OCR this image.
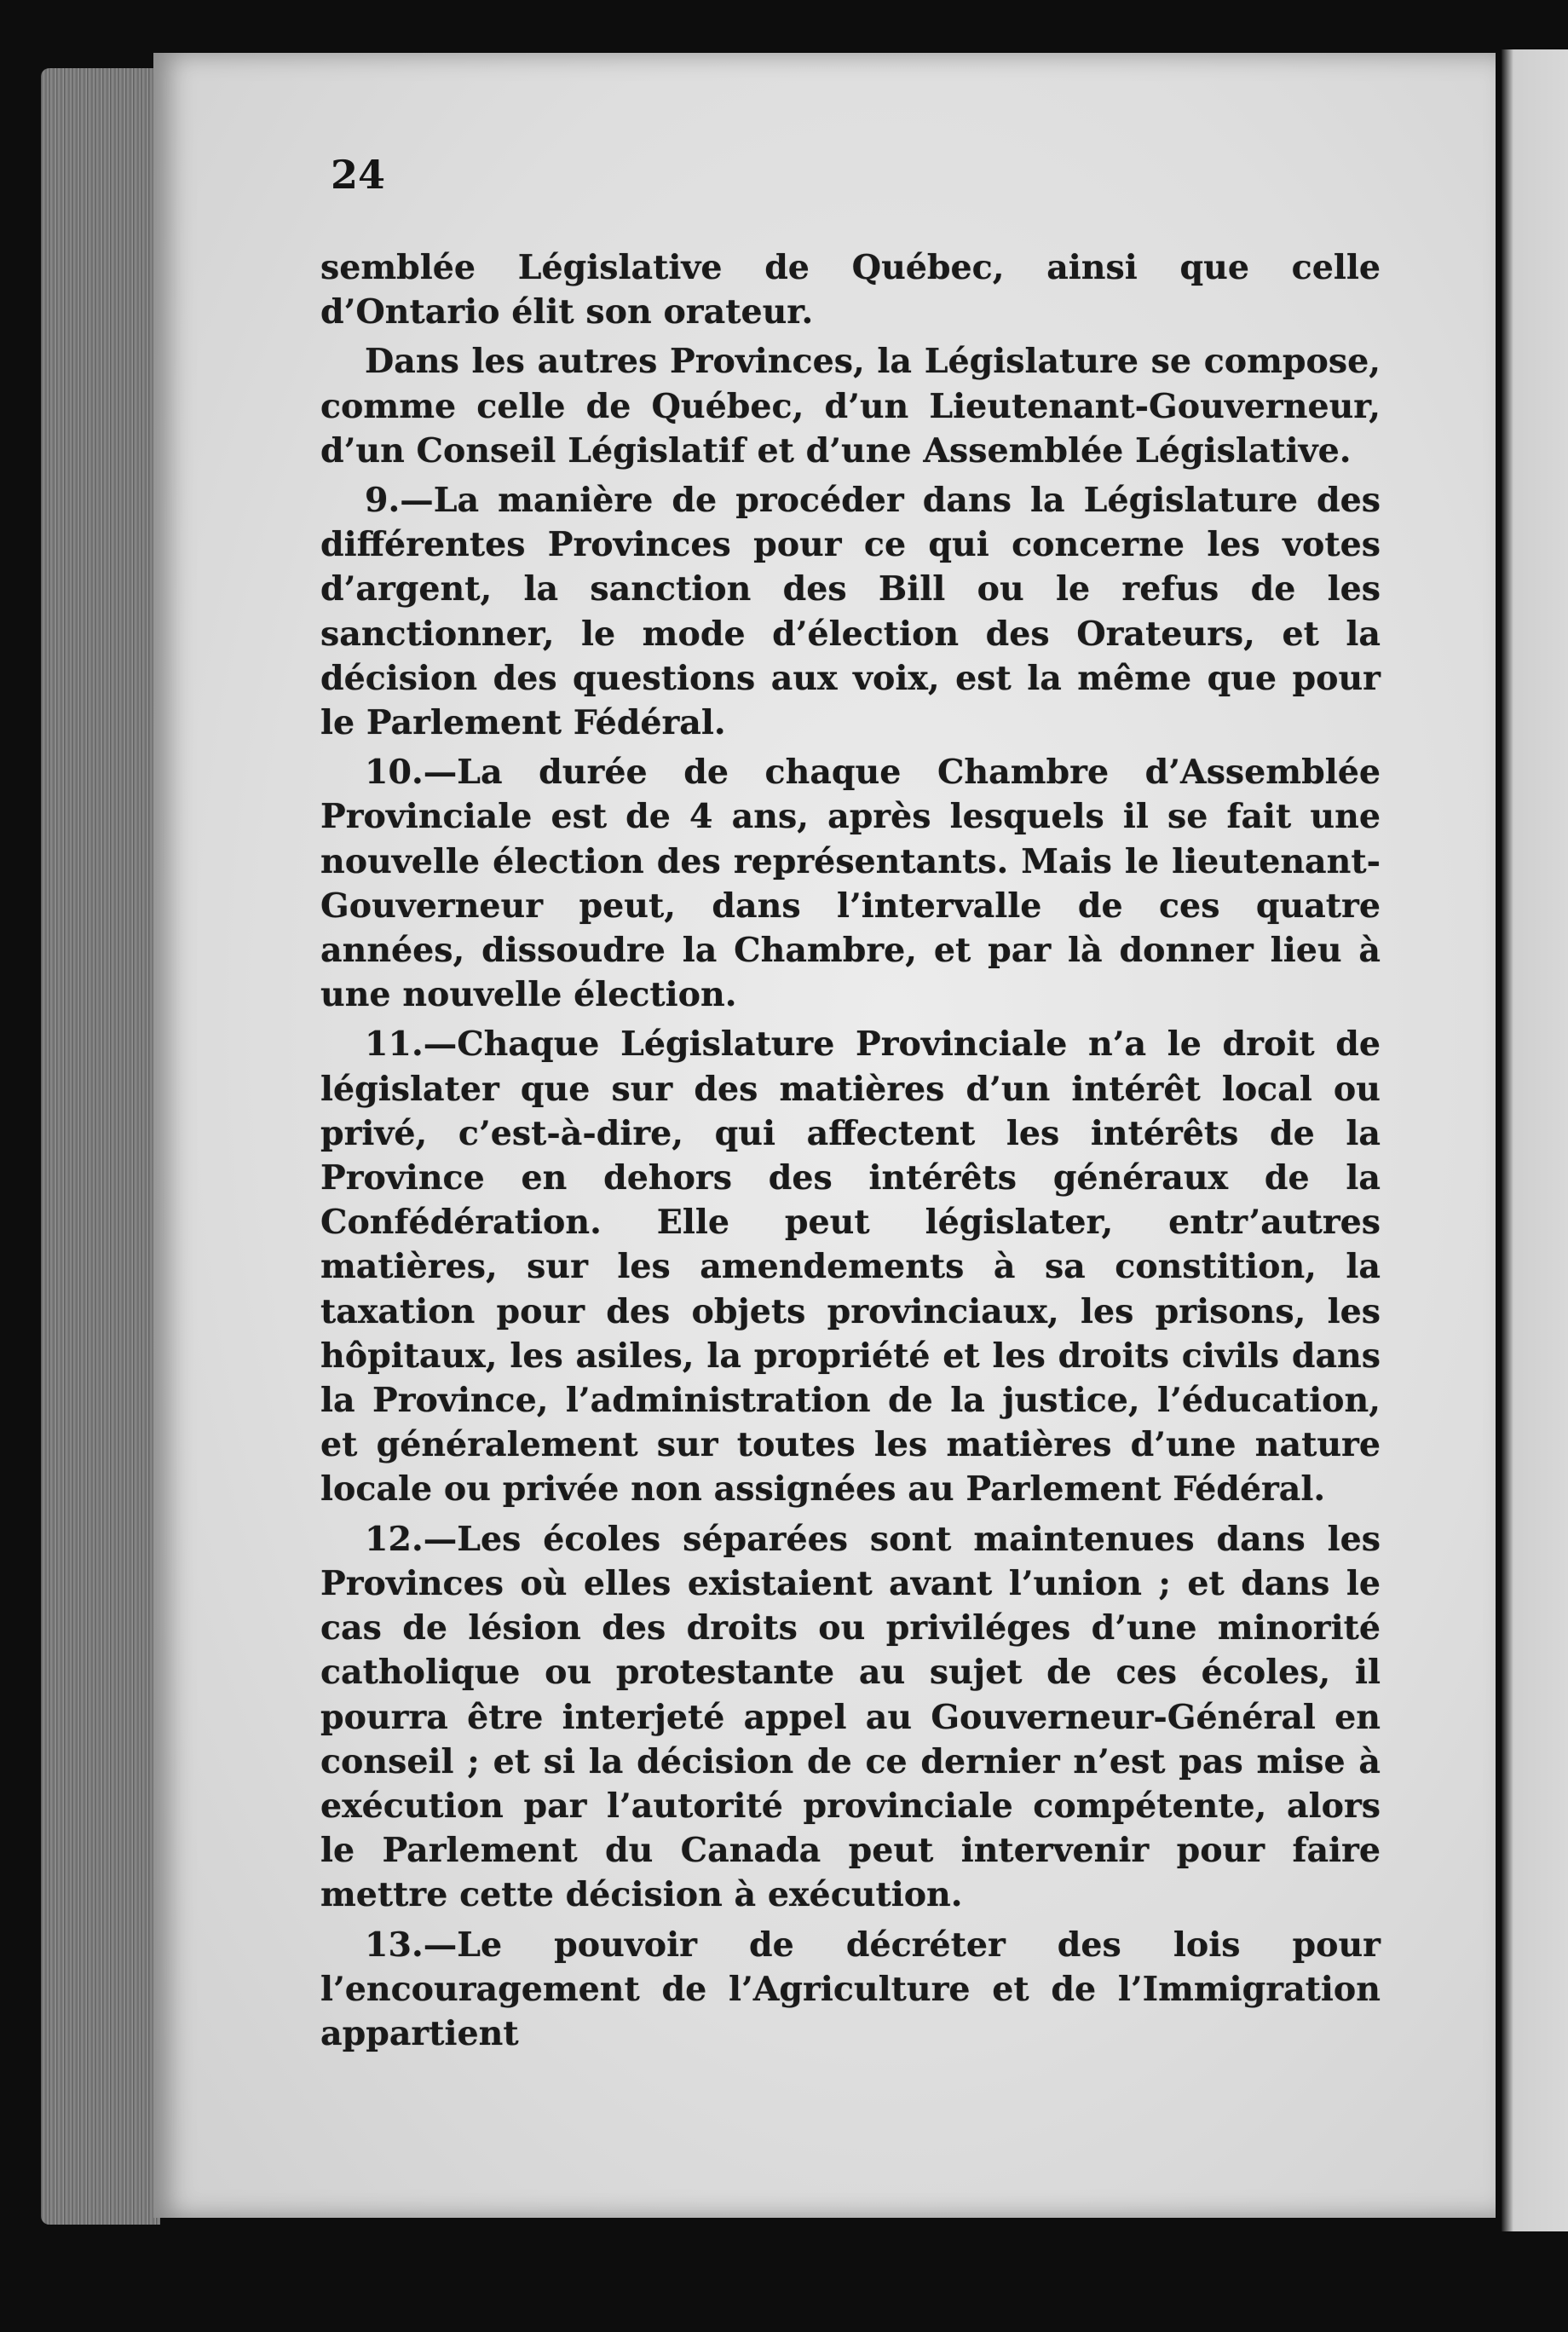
24

semblée Législative de Québec, ainsi que celle d’Ontario élit son orateur.

Dans les autres Provinces, la Législature se compose, comme celle de Québec, d’un Lieutenant-Gouverneur, d’un Conseil Législatif et d’une Assemblée Législative.

9.—La manière de procéder dans la Législature des différentes Provinces pour ce qui concerne les votes d’argent, la sanction des Bill ou le refus de les sanctionner, le mode d’élection des Orateurs, et la décision des questions aux voix, est la même que pour le Parlement Fédéral.

10.—La durée de chaque Chambre d’Assemblée Provinciale est de 4 ans, après lesquels il se fait une nouvelle élection des représentants. Mais le lieutenant-Gouverneur peut, dans l’intervalle de ces quatre années, dissoudre la Chambre, et par là donner lieu à une nouvelle élection.

11.—Chaque Législature Provinciale n’a le droit de législater que sur des matières d’un intérêt local ou privé, c’est-à-dire, qui affectent les intérêts de la Province en dehors des intérêts généraux de la Confédération. Elle peut législater, entr’autres matières, sur les amendements à sa constition, la taxation pour des objets provinciaux, les prisons, les hôpitaux, les asiles, la propriété et les droits civils dans la Province, l’administration de la justice, l’éducation, et généralement sur toutes les matières d’une nature locale ou privée non assignées au Parlement Fédéral.

12.—Les écoles séparées sont maintenues dans les Provinces où elles existaient avant l’union ; et dans le cas de lésion des droits ou priviléges d’une minorité catholique ou protestante au sujet de ces écoles, il pourra être interjeté appel au Gouverneur-Général en conseil ; et si la décision de ce dernier n’est pas mise à exécution par l’autorité provinciale compétente, alors le Parlement du Canada peut intervenir pour faire mettre cette décision à exécution.

13.—Le pouvoir de décréter des lois pour l’encouragement de l’Agriculture et de l’Immigration appartient
